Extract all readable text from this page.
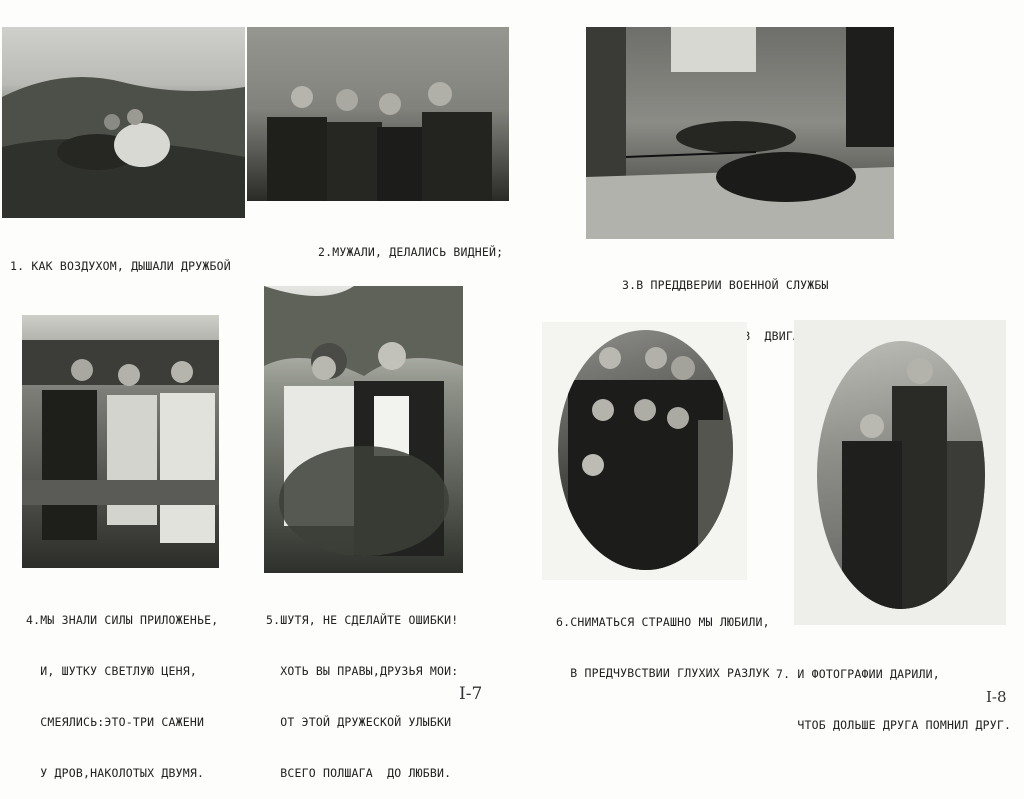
1. КАК ВОЗДУХОМ, ДЫШАЛИ ДРУЖБОЙ

2.МУЖАЛИ, ДЕЛАЛИСЬ ВИДНЕЙ;

3.В ПРЕДДВЕРИИ ВОЕННОЙ СЛУЖБЫ

ДВИГАЛ

4.МЫ ЗНАЛИ СИЛЫ ПРИЛОЖЕНЬЕ,

И, ШУТКУ СВЕТЛУЮ ЦЕНЯ,

СМЕЯЛИСЬ:ЭТО-ТРИ САЖЕНИ

У ДРОВ,НАКОЛОТЫХ ДВУМЯ.

5.ШУТЯ, НЕ СДЕЛАЙТЕ ОШИБКИ!

ХОТЬ ВЫ ПРАВЫ,ДРУЗЬЯ МОИ:

ОТ ЭТОЙ ДРУЖЕСКОЙ УЛЫБКИ

ВСЕГО ПОЛШАГА  ДО ЛЮБВИ.

6.СНИМАТЬСЯ СТРАШНО МЫ ЛЮБИЛИ,

В ПРЕДЧУВСТВИИ ГЛУХИХ РАЗЛУК

7. И ФОТОГРАФИИ ДАРИЛИ,

ЧТОБ ДОЛЬШЕ ДРУГА ПОМНИЛ ДРУГ.

I-7	I-8
